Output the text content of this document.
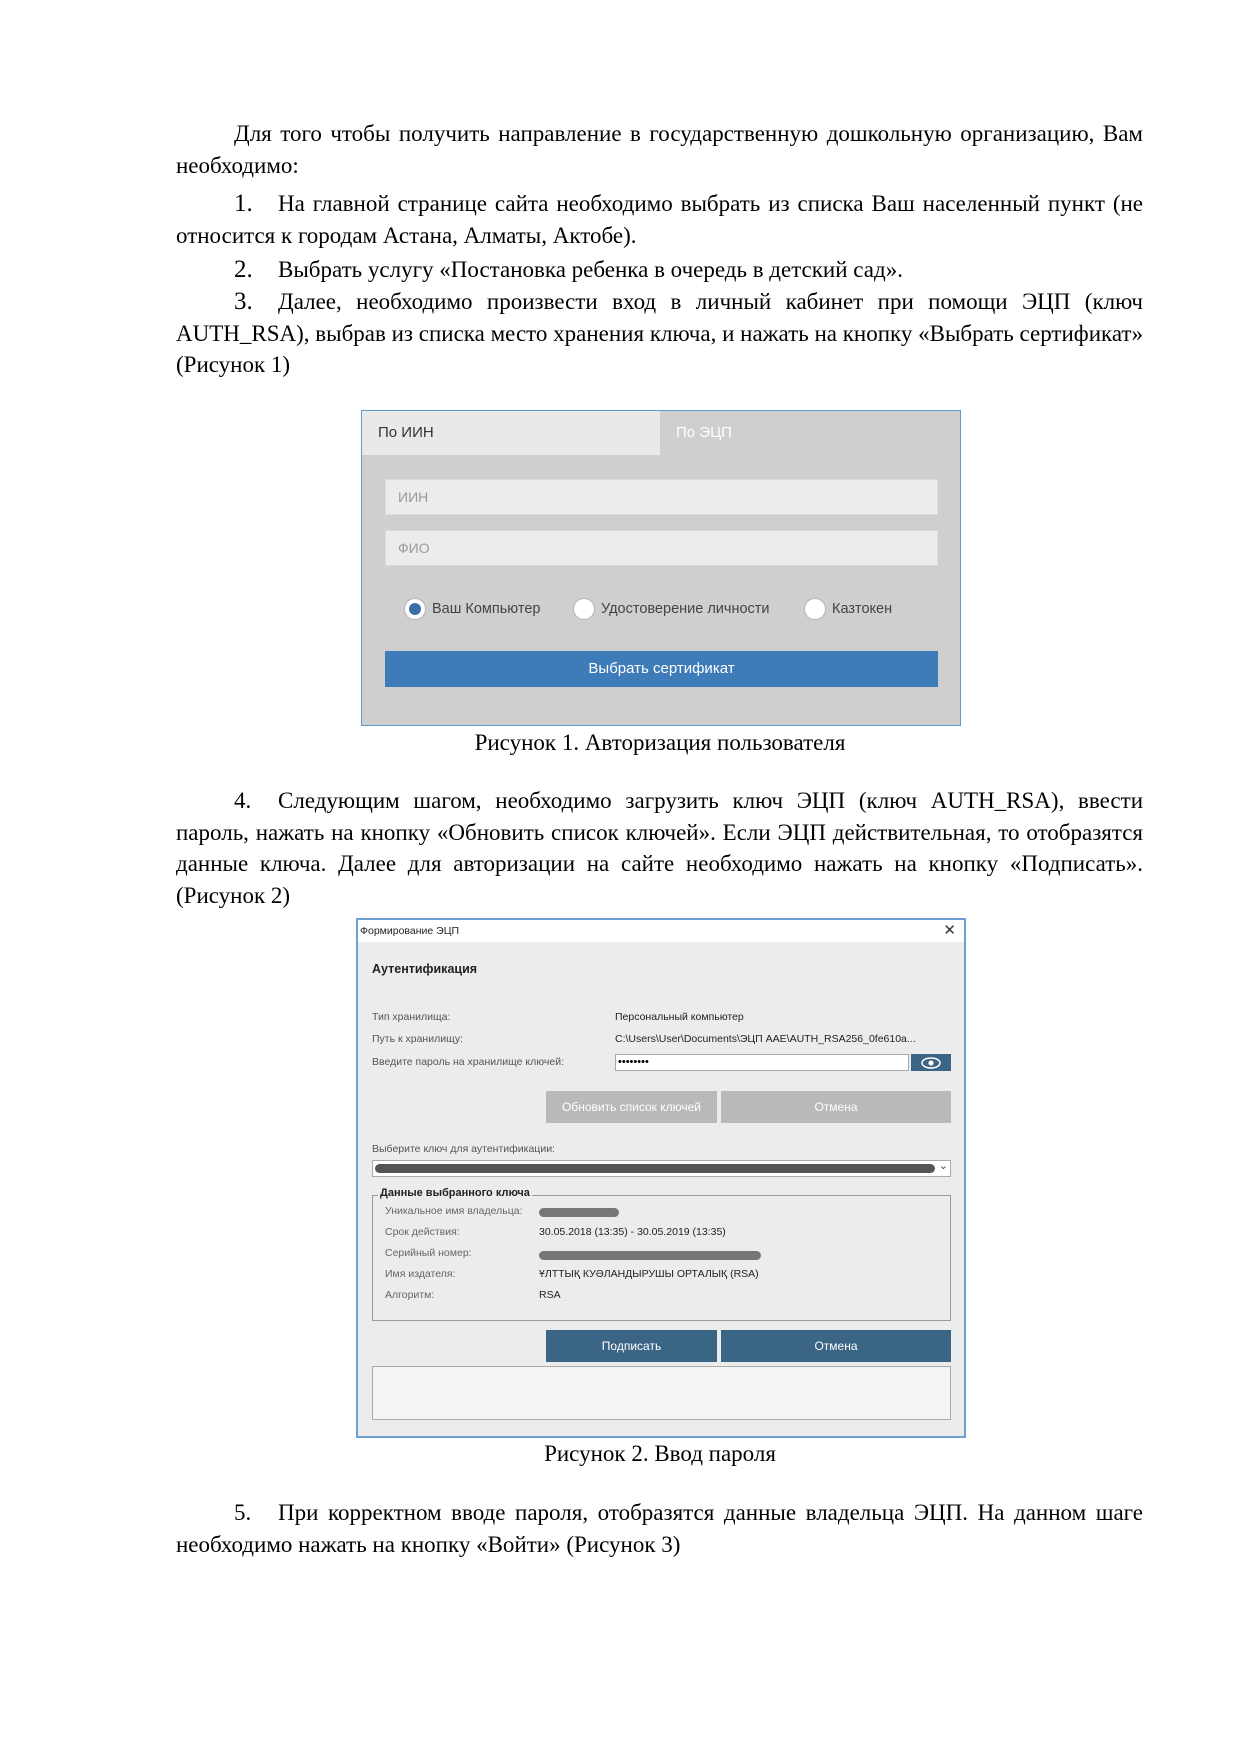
Для того чтобы получить направление в государственную дошкольную организацию, Вам необходимо:

1. На главной странице сайта необходимо выбрать из списка Ваш населенный пункт (не относится к городам Астана, Алматы, Актобе).

2. Выбрать услугу «Постановка ребенка в очередь в детский сад».

3. Далее, необходимо произвести вход в личный кабинет при помощи ЭЦП (ключ AUTH_RSA), выбрав из списка место хранения ключа, и нажать на кнопку «Выбрать сертификат» (Рисунок 1)

По ИИН	По ЭЦП
ИИН
ФИО
Ваш Компьютер	Удостоверение личности	Казтокен
Выбрать сертификат

Рисунок 1. Авторизация пользователя

4. Следующим шагом, необходимо загрузить ключ ЭЦП (ключ AUTH_RSA), ввести пароль, нажать на кнопку «Обновить список ключей». Если ЭЦП действительная, то отобразятся данные ключа. Далее для авторизации на сайте необходимо нажать на кнопку «Подписать». (Рисунок 2)

Формирование ЭЦП	✕
Аутентификация
Тип хранилища:	Персональный компьютер
Путь к хранилищу:	C:\Users\User\Documents\ЭЦП AAE\AUTH_RSA256_0fe610a...
Введите пароль на хранилище ключей:	••••••••
Обновить список ключей	Отмена
Выберите ключ для аутентификации:
⌄
Данные выбранного ключа
Уникальное имя владельца:
Срок действия:	30.05.2018 (13:35) - 30.05.2019 (13:35)
Серийный номер:
Имя издателя:	ҰЛТТЫҚ КУӘЛАНДЫРУШЫ ОРТАЛЫҚ (RSA)
Алгоритм:	RSA
Подписать	Отмена

Рисунок 2. Ввод пароля

5. При корректном вводе пароля, отобразятся данные владельца ЭЦП. На данном шаге необходимо нажать на кнопку «Войти» (Рисунок 3)
